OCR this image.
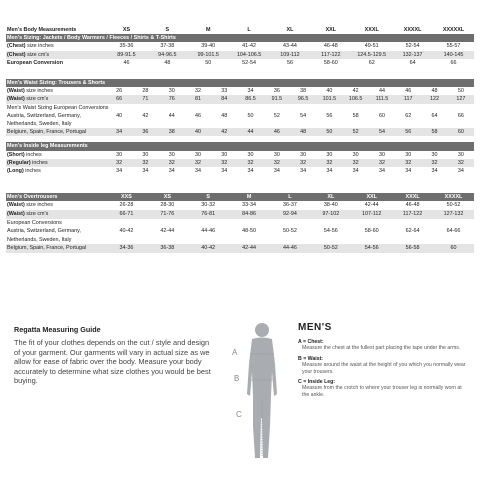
Men's Body Measurements	XS	S	M	L	XL	XXL	XXXL	XXXXL	XXXXXL
Men's Sizing: Jackets / Body Warmers / Fleeces / Shirts & T-Shirts									
(Chest) size inches	35-36	37-38	39-40	41-42	43-44	46-48	49-51	52-54	55-57
(Chest) size cm's	89-91.5	94-96.5	99-101.5	104-106.5	109-112	117-122	124.5-129.5	132-137	140-145
European Conversion	46	48	50	52-54	56	58-60	62	64	66
Men's Waist Sizing: Trousers & Shorts														
(Waist) size inches	26	28	30	32	33	34	36	38	40	42	44	46	48	50
(Waist) size cm's	66	71	76	81	84	86.5	91.5	96.5	101.5	106.5	111.5	117	122	127
Men's Waist Sizing European Conversions														
Austria, Switzerland, Germany,	40	42	44	46	48	50	52	54	56	58	60	62	64	66
Netherlands, Sweden, Italy														
Belgium, Spain, France, Portugal	34	36	38	40	42	44	46	48	50	52	54	56	58	60
Men's Inside leg Measurements														
(Short) inches	30	30	30	30	30	30	30	30	30	30	30	30	30	30
(Regular) inches	32	32	32	32	32	32	32	32	32	32	32	32	32	32
(Long) inches	34	34	34	34	34	34	34	34	34	34	34	34	34	34
Men's Overtrousers	XXS	XS	S	M	L	XL	XXL	XXXL	XXXXL
(Waist) size inches	26-28	28-30	30-32	33-34	36-37	38-40	42-44	46-48	50-52
(Waist) size cm's	66-71	71-76	76-81	84-86	92-94	97-102	107-112	117-122	127-132
European Conversions									
Austria, Switzerland, Germany,	40-42	42-44	44-46	48-50	50-52	54-56	58-60	62-64	64-66
Netherlands, Sweden, Italy									
Belgium, Spain, France, Portugal	34-36	36-38	40-42	42-44	44-46	50-52	54-56	56-58	60
Regatta Measuring Guide
The fit of your clothes depends on the cut / style and design of your garment. Our garments will vary in actual size as we allow for ease of fabric over the body. Measure your body accurately to determine what size clothes you would be best buying.
A
B
C
MEN'S
A = Chest:
Measure the chest at the fullest part placing the tape under the arms.
B = Waist:
Measure around the waist at the height of you which you normally wear your trousers.
C = Inside Leg:
Measure from the crotch to where your trouser leg is normally worn at the ankle.
